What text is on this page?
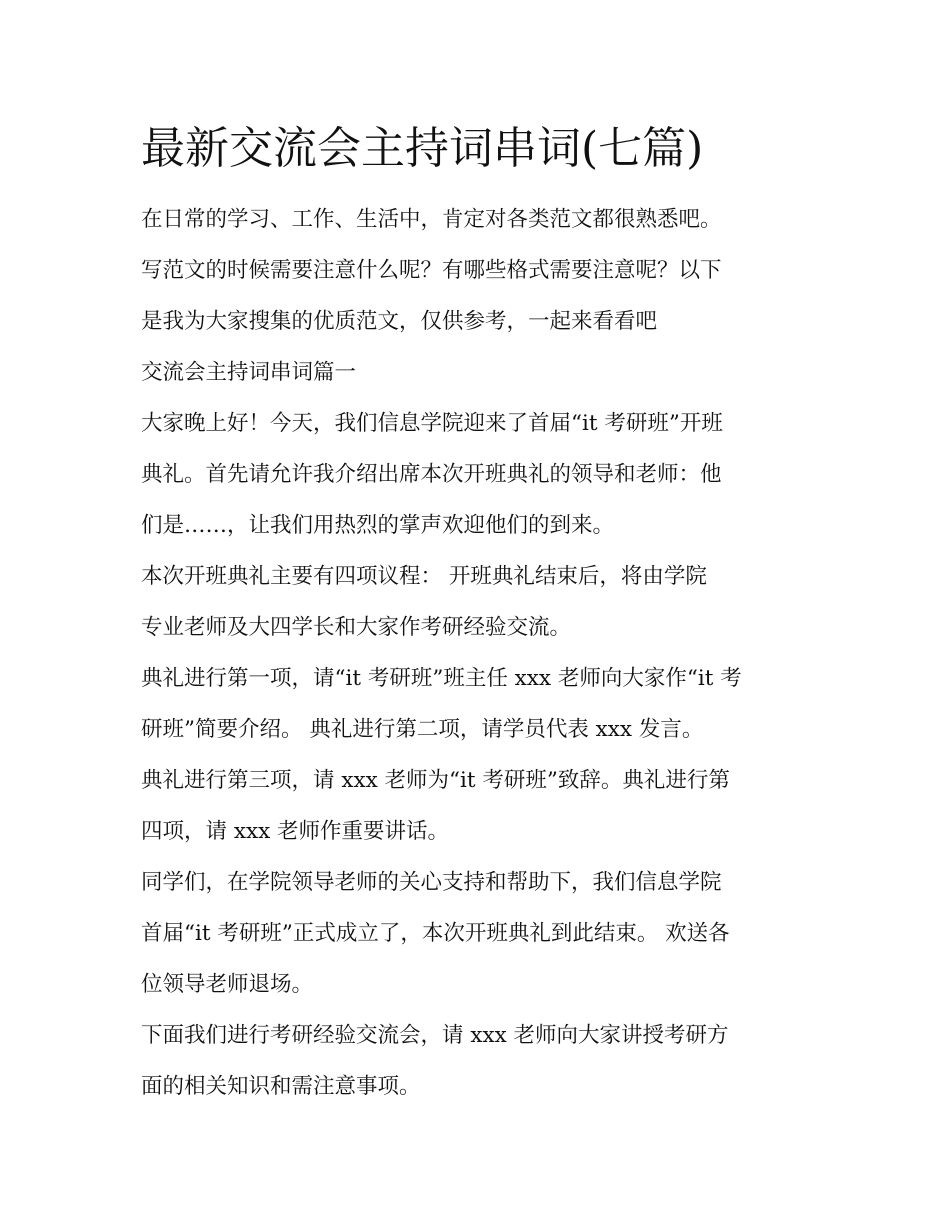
最新交流会主持词串词(七篇)

在日常的学习、工作、生活中，肯定对各类范文都很熟悉吧。

写范文的时候需要注意什么呢？有哪些格式需要注意呢？以下

是我为大家搜集的优质范文，仅供参考，一起来看看吧

交流会主持词串词篇一

大家晚上好！今天，我们信息学院迎来了首届“it 考研班”开班

典礼。首先请允许我介绍出席本次开班典礼的领导和老师：他

们是……，让我们用热烈的掌声欢迎他们的到来。

本次开班典礼主要有四项议程： 开班典礼结束后，将由学院

专业老师及大四学长和大家作考研经验交流。

典礼进行第一项，请“it 考研班”班主任 xxx 老师向大家作“it 考

研班”简要介绍。 典礼进行第二项，请学员代表 xxx 发言。

典礼进行第三项，请 xxx 老师为“it 考研班”致辞。典礼进行第

四项，请 xxx 老师作重要讲话。

同学们，在学院领导老师的关心支持和帮助下，我们信息学院

首届“it 考研班”正式成立了，本次开班典礼到此结束。 欢送各

位领导老师退场。

下面我们进行考研经验交流会，请 xxx 老师向大家讲授考研方

面的相关知识和需注意事项。
